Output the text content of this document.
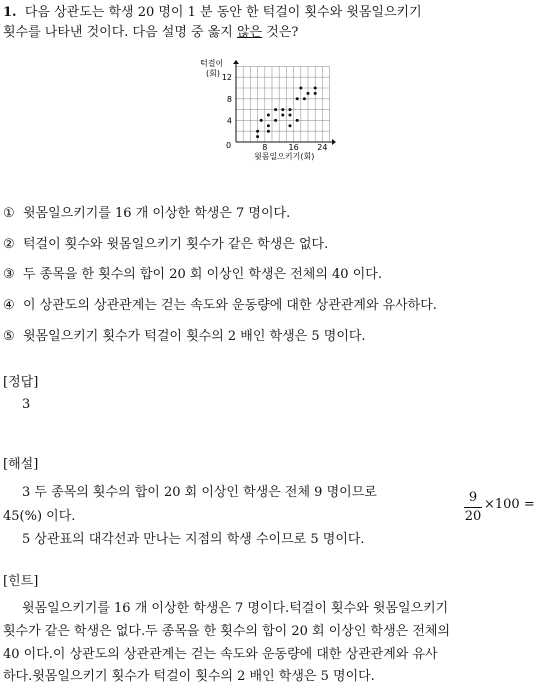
1. 다음 상관도는 학생 20 명이 1 분 동안 한 턱걸이 횟수와 윗몸일으키기
횟수를 나타낸 것이다. 다음 설명 중 옳지 않은 것은?
턱걸이
(회)
0
윗몸일으키기(회)
8	16 24
4
8
12
① 윗몸일으키기를 16 개 이상한 학생은 7 명이다.
② 턱걸이 횟수와 윗몸일으키기 횟수가 같은 학생은 없다.
③ 두 종목을 한 횟수의 합이 20 회 이상인 학생은 전체의 40 이다.
④ 이 상관도의 상관관계는 걷는 속도와 운동량에 대한 상관관계와 유사하다.
⑤ 윗몸일으키기 횟수가 턱걸이 횟수의 2 배인 학생은 5 명이다.
[정답]
3
[해설]
3 두 종목의 횟수의 합이 20 회 이상인 학생은 전체 9 명이므로	9
20
×100 =
45(%) 이다.
5 상관표의 대각선과 만나는 지점의 학생 수이므로 5 명이다.
[힌트]
윗몸일으키기를 16 개 이상한 학생은 7 명이다.턱걸이 횟수와 윗몸일으키기
횟수가 같은 학생은 없다.두 종목을 한 횟수의 합이 20 회 이상인 학생은 전체의
40 이다.이 상관도의 상관관계는 걷는 속도와 운동량에 대한 상관관계와 유사
하다.윗몸일으키기 횟수가 턱걸이 횟수의 2 배인 학생은 5 명이다.
